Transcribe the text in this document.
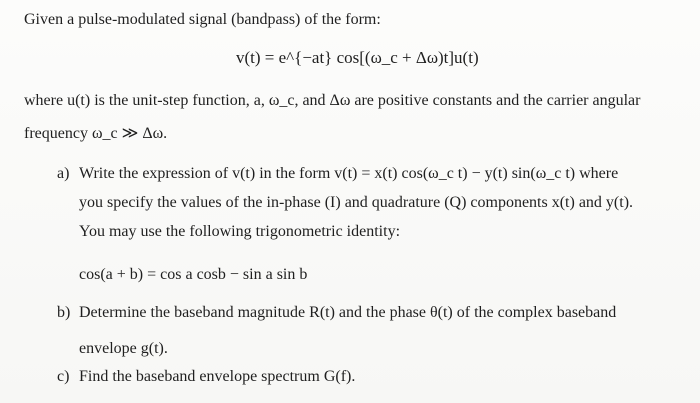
Given a pulse-modulated signal (bandpass) of the form:
v(t) = e^{−at} cos[(ω_c + Δω)t]u(t)
where u(t) is the unit-step function, a, ω_c, and Δω are positive constants and the carrier angular
frequency ω_c ≫ Δω.
a) Write the expression of v(t) in the form v(t) = x(t) cos(ω_c t) − y(t) sin(ω_c t) where
you specify the values of the in-phase (I) and quadrature (Q) components x(t) and y(t).
You may use the following trigonometric identity:
cos(a + b) = cos a cosb − sin a sin b
b) Determine the baseband magnitude R(t) and the phase θ(t) of the complex baseband
envelope g(t).
c) Find the baseband envelope spectrum G(f).
